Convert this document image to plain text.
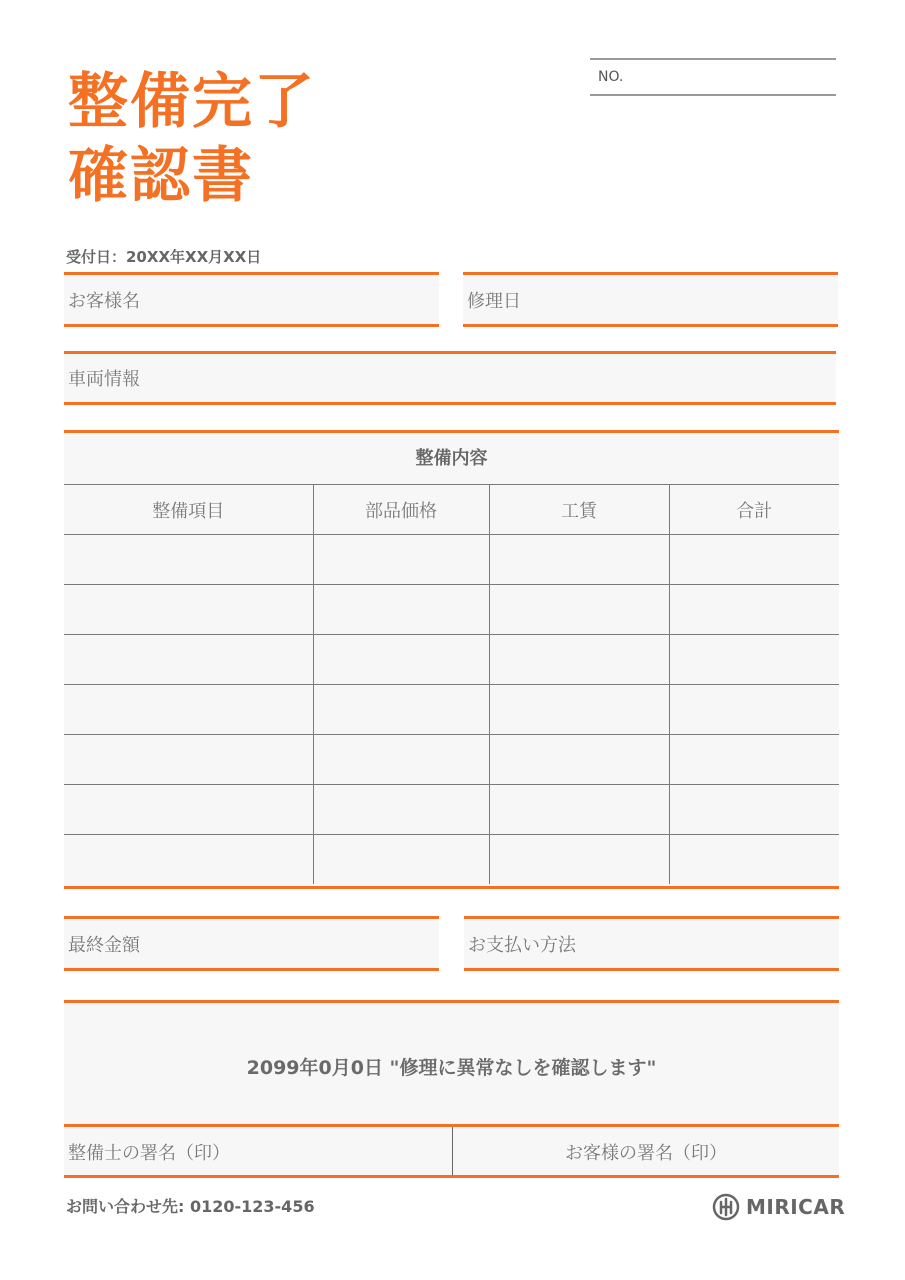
整備完了
確認書
NO.
受付日：20XX年XX月XX日
お客様名	修理日
車両情報
整備内容
整備項目	部品価格	工賃	合計

最終金額	お支払い方法
2099年0月0日 "修理に異常なしを確認します"
整備士の署名（印）	お客様の署名（印）
お問い合わせ先: 0120-123-456	MIRICAR
